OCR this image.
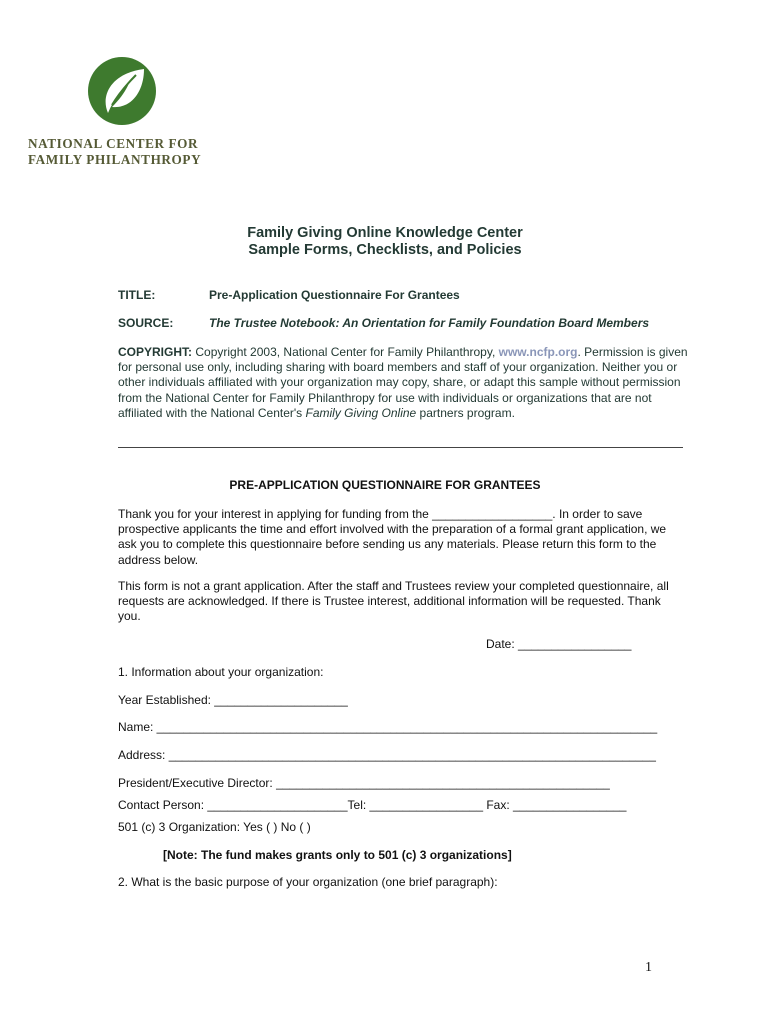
NATIONAL CENTER FOR
FAMILY PHILANTHROPY
Family Giving Online Knowledge Center
Sample Forms, Checklists, and Policies
TITLE:	Pre-Application Questionnaire For Grantees
SOURCE:	The Trustee Notebook: An Orientation for Family Foundation Board Members
COPYRIGHT: Copyright 2003, National Center for Family Philanthropy, www.ncfp.org. Permission is given for personal use only, including sharing with board members and staff of your organization. Neither you or other individuals affiliated with your organization may copy, share, or adapt this sample without permission from the National Center for Family Philanthropy for use with individuals or organizations that are not affiliated with the National Center's Family Giving Online partners program.
PRE-APPLICATION QUESTIONNAIRE FOR GRANTEES
Thank you for your interest in applying for funding from the __________________. In order to save prospective applicants the time and effort involved with the preparation of a formal grant application, we ask you to complete this questionnaire before sending us any materials. Please return this form to the address below.
This form is not a grant application. After the staff and Trustees review your completed questionnaire, all requests are acknowledged. If there is Trustee interest, additional information will be requested. Thank you.
Date: _________________
1. Information about your organization:
Year Established: ____________________
Name: ___________________________________________________________________________
Address: _________________________________________________________________________
President/Executive Director: __________________________________________________
Contact Person: _____________________Tel: _________________ Fax: _________________
501 (c) 3 Organization: Yes ( ) No ( )
[Note: The fund makes grants only to 501 (c) 3 organizations]
2. What is the basic purpose of your organization (one brief paragraph):
1
